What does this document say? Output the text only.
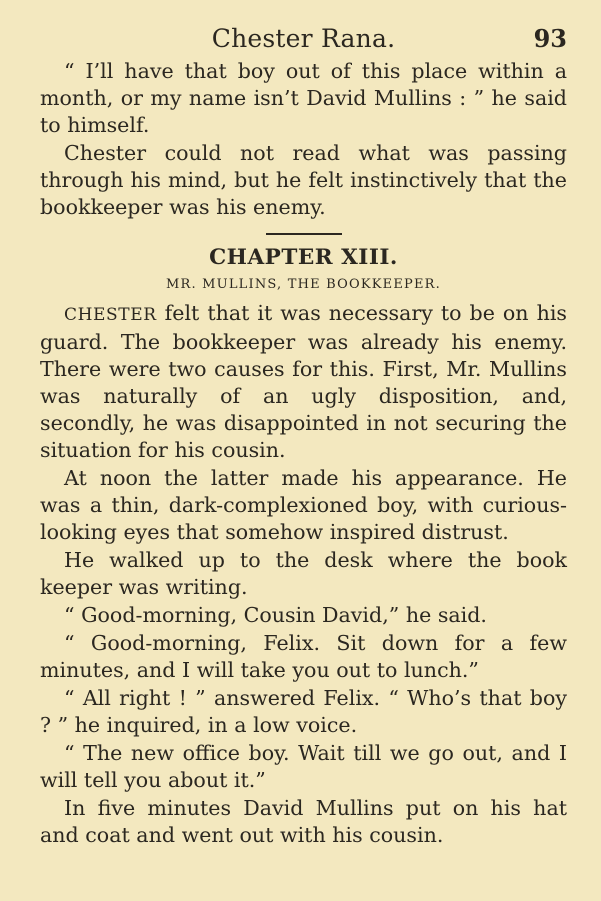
Chester Rana.	93

“ I’ll have that boy out of this place within a month, or my name isn’t David Mullins : ” he said to himself.

Chester could not read what was passing through his mind, but he felt instinctively that the bookkeeper was his enemy.

CHAPTER XIII.
MR. MULLINS, THE BOOKKEEPER.

CHESTER felt that it was necessary to be on his guard. The bookkeeper was already his enemy. There were two causes for this. First, Mr. Mullins was naturally of an ugly disposition, and, secondly, he was disappointed in not securing the situation for his cousin.

At noon the latter made his appearance. He was a thin, dark-complexioned boy, with curious-looking eyes that somehow inspired distrust.

He walked up to the desk where the book keeper was writing.

“ Good-morning, Cousin David,” he said.

“ Good-morning, Felix. Sit down for a few minutes, and I will take you out to lunch.”

“ All right ! ” answered Felix. “ Who’s that boy ? ” he inquired, in a low voice.

“ The new office boy. Wait till we go out, and I will tell you about it.”

In five minutes David Mullins put on his hat and coat and went out with his cousin.
